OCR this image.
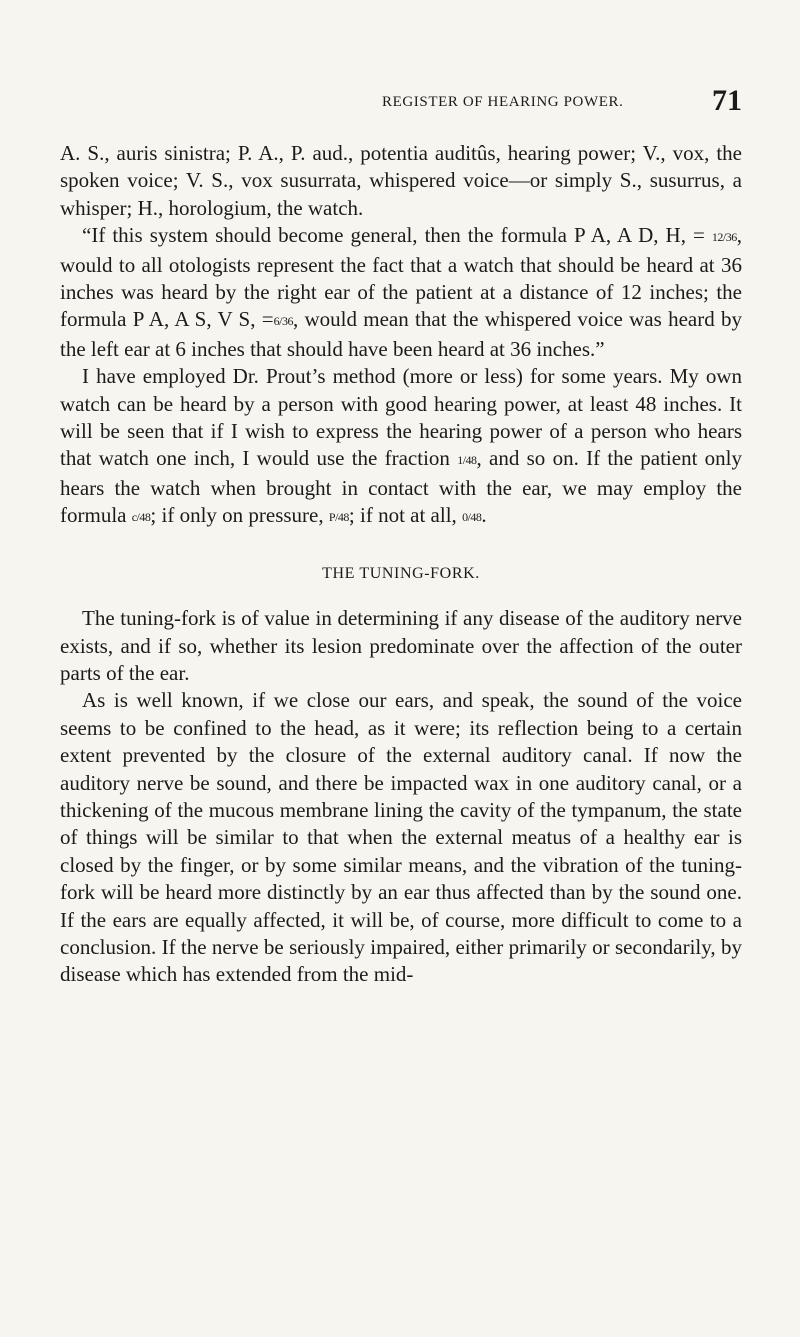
REGISTER OF HEARING POWER.	71

A. S., auris sinistra; P. A., P. aud., potentia auditûs, hearing power; V., vox, the spoken voice; V. S., vox susurrata, whispered voice—or simply S., susurrus, a whisper; H., horologium, the watch.

“If this system should become general, then the formula P A, A D, H, = 12/36, would to all otologists represent the fact that a watch that should be heard at 36 inches was heard by the right ear of the patient at a distance of 12 inches; the formula P A, A S, V S, =6/36, would mean that the whispered voice was heard by the left ear at 6 inches that should have been heard at 36 inches.”

I have employed Dr. Prout’s method (more or less) for some years. My own watch can be heard by a person with good hearing power, at least 48 inches. It will be seen that if I wish to express the hearing power of a person who hears that watch one inch, I would use the fraction 1/48, and so on. If the patient only hears the watch when brought in contact with the ear, we may employ the formula c/48; if only on pressure, P/48; if not at all, 0/48.

THE TUNING-FORK.

The tuning-fork is of value in determining if any disease of the auditory nerve exists, and if so, whether its lesion predominate over the affection of the outer parts of the ear.

As is well known, if we close our ears, and speak, the sound of the voice seems to be confined to the head, as it were; its reflection being to a certain extent prevented by the closure of the external auditory canal. If now the auditory nerve be sound, and there be impacted wax in one auditory canal, or a thickening of the mucous membrane lining the cavity of the tympanum, the state of things will be similar to that when the external meatus of a healthy ear is closed by the finger, or by some similar means, and the vibration of the tuning-fork will be heard more distinctly by an ear thus affected than by the sound one. If the ears are equally affected, it will be, of course, more difficult to come to a conclusion. If the nerve be seriously impaired, either primarily or secondarily, by disease which has extended from the mid-
